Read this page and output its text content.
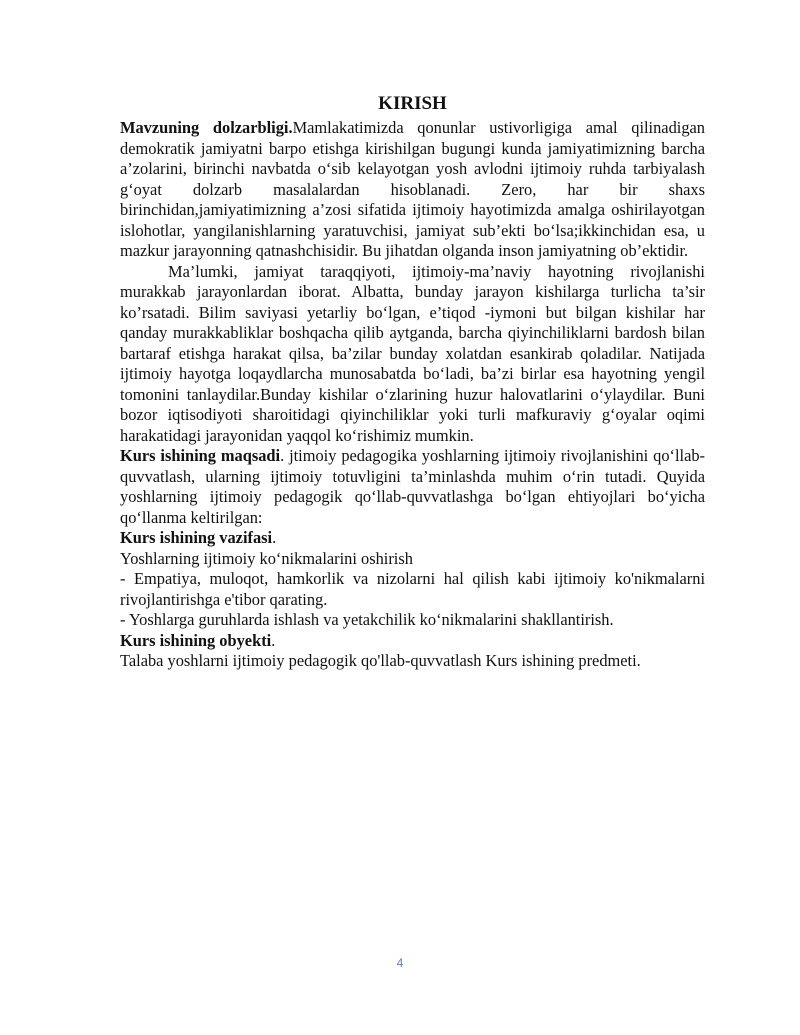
KIRISH

Mavzuning dolzarbligi.Mamlakatimizda qonunlar ustivorligiga amal qilinadigan demokratik jamiyatni barpo etishga kirishilgan bugungi kunda jamiyatimizning barcha a’zolarini, birinchi navbatda o‘sib kelayotgan yosh avlodni ijtimoiy ruhda tarbiyalash g‘oyat dolzarb masalalardan hisoblanadi. Zero, har bir shaxs birinchidan,jamiyatimizning a’zosi sifatida ijtimoiy hayotimizda amalga oshirilayotgan islohotlar, yangilanishlarning yaratuvchisi, jamiyat sub’ekti bo‘lsa;ikkinchidan esa, u mazkur jarayonning qatnashchisidir. Bu jihatdan olganda inson jamiyatning ob’ektidir.

Ma’lumki, jamiyat taraqqiyoti, ijtimoiy-ma’naviy hayotning rivojlanishi murakkab jarayonlardan iborat. Albatta, bunday jarayon kishilarga turlicha ta’sir ko’rsatadi. Bilim saviyasi yetarliy bo‘lgan, e’tiqod -iymoni but bilgan kishilar har qanday murakkabliklar boshqacha qilib aytganda, barcha qiyinchiliklarni bardosh bilan bartaraf etishga harakat qilsa, ba’zilar bunday xolatdan esankirab qoladilar. Natijada ijtimoiy hayotga loqaydlarcha munosabatda bo‘ladi, ba’zi birlar esa hayotning yengil tomonini tanlaydilar.Bunday kishilar o‘zlarining huzur halovatlarini o‘ylaydilar. Buni bozor iqtisodiyoti sharoitidagi qiyinchiliklar yoki turli mafkuraviy g‘oyalar oqimi harakatidagi jarayonidan yaqqol ko‘rishimiz mumkin.

Kurs ishining maqsadi. jtimoiy pedagogika yoshlarning ijtimoiy rivojlanishini qo‘llab-quvvatlash, ularning ijtimoiy totuvligini ta’minlashda muhim o‘rin tutadi. Quyida yoshlarning ijtimoiy pedagogik qo‘llab-quvvatlashga bo‘lgan ehtiyojlari bo‘yicha qo‘llanma keltirilgan:

Kurs ishining vazifasi.

Yoshlarning ijtimoiy ko‘nikmalarini oshirish

- Empatiya, muloqot, hamkorlik va nizolarni hal qilish kabi ijtimoiy ko'nikmalarni rivojlantirishga e'tibor qarating.

- Yoshlarga guruhlarda ishlash va yetakchilik ko‘nikmalarini shakllantirish.

Kurs ishining obyekti.

Talaba yoshlarni ijtimoiy pedagogik qo'llab-quvvatlash Kurs ishining predmeti.

4
